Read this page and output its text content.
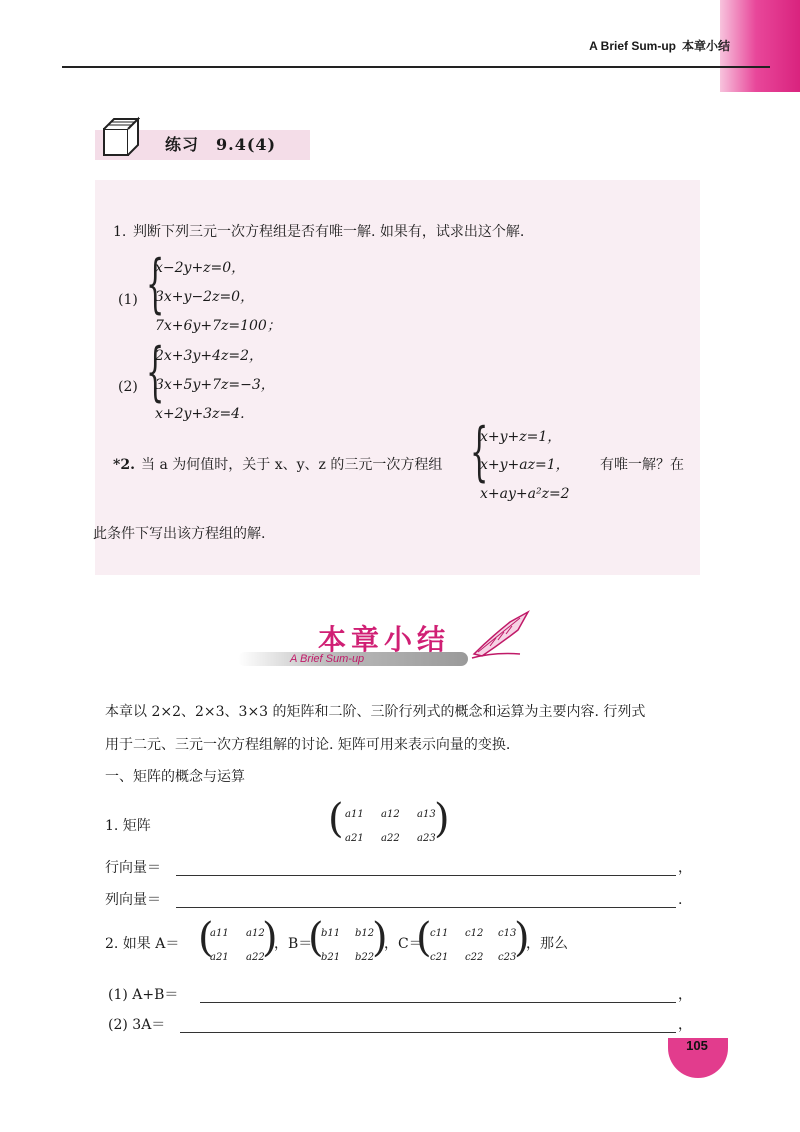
A Brief Sum-up 本章小结
练习　9.4(4)
1. 判断下列三元一次方程组是否有唯一解. 如果有，试求出这个解.
(1) {
x−2y+z=0，
3x+y−2z=0，
7x+6y+7z=100；
(2) {
2x+3y+4z=2，
3x+5y+7z=−3，
x+2y+3z=4.
*2. 当 a 为何值时，关于 x、y、z 的三元一次方程组 {
x+y+z=1，
x+y+az=1，
x+ay+a²z=2
有唯一解？在
此条件下写出该方程组的解.
本章小结
A Brief Sum-up
本章以 2×2、2×3、3×3 的矩阵和二阶、三阶行列式的概念和运算为主要内容. 行列式
用于二元、三元一次方程组解的讨论. 矩阵可用来表示向量的变换.
一、矩阵的概念与运算
1. 矩阵	( )
a11 a12 a13
a21 a22 a23
行向量＝	，
列向量＝	.
2. 如果 A＝ (
a11 a12
a21 a22
)
，B＝
(
b11 b12
b21 b22
)
，C＝
(
c11 c12 c13
c21 c22 c23
)
，那么
(1) A+B＝	，
(2) 3A＝	，
105
